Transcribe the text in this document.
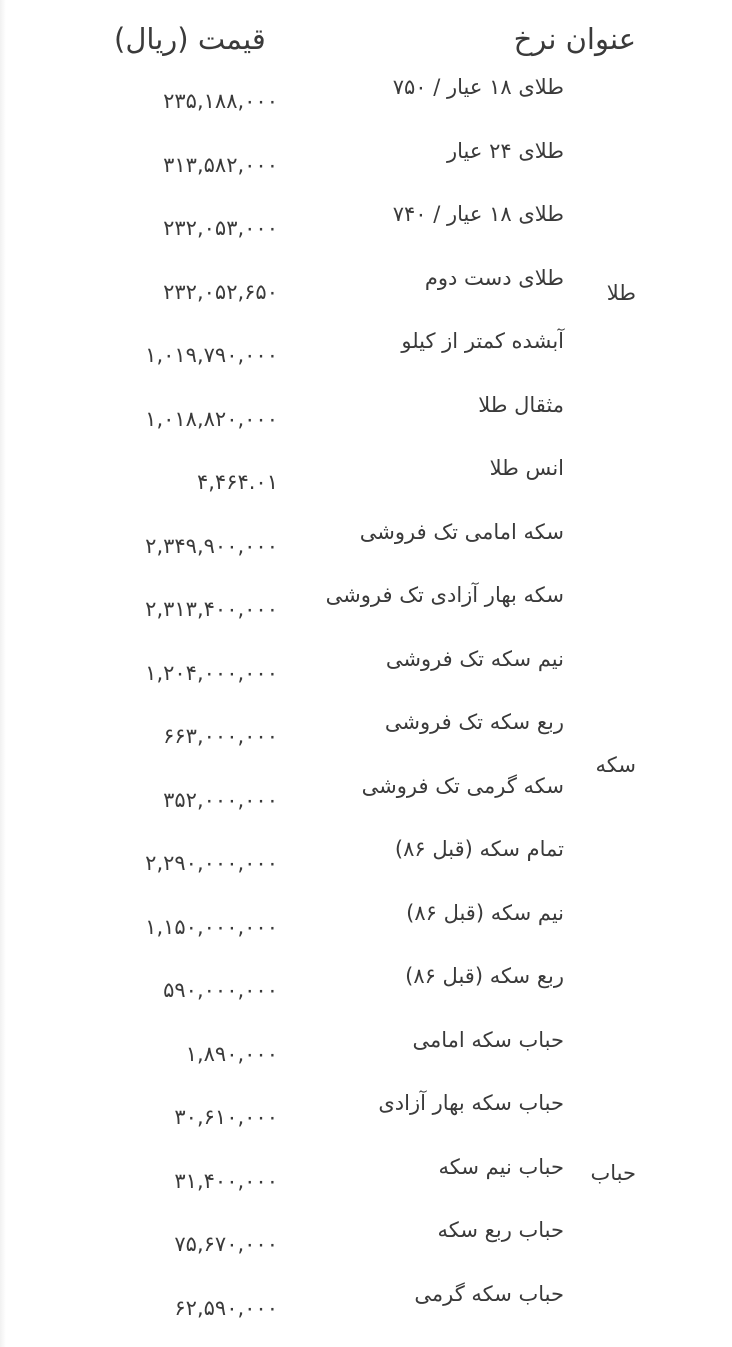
عنوان نرخ
قیمت (ریال)
طلای ۱۸ عیار / ۷۵۰
۲۳۵,۱۸۸,۰۰۰
طلای ۲۴ عیار
۳۱۳,۵۸۲,۰۰۰
طلای ۱۸ عیار / ۷۴۰
۲۳۲,۰۵۳,۰۰۰
طلای دست دوم
۲۳۲,۰۵۲,۶۵۰
آبشده کمتر از کیلو
۱,۰۱۹,۷۹۰,۰۰۰
مثقال طلا
۱,۰۱۸,۸۲۰,۰۰۰
انس طلا
۴,۴۶۴.۰۱
سکه امامی تک فروشی
۲,۳۴۹,۹۰۰,۰۰۰
سکه بهار آزادی تک فروشی
۲,۳۱۳,۴۰۰,۰۰۰
نیم سکه تک فروشی
۱,۲۰۴,۰۰۰,۰۰۰
ربع سکه تک فروشی
۶۶۳,۰۰۰,۰۰۰
سکه گرمی تک فروشی
۳۵۲,۰۰۰,۰۰۰
تمام سکه (قبل ۸۶)
۲,۲۹۰,۰۰۰,۰۰۰
نیم سکه (قبل ۸۶)
۱,۱۵۰,۰۰۰,۰۰۰
ربع سکه (قبل ۸۶)
۵۹۰,۰۰۰,۰۰۰
حباب سکه امامی
۱,۸۹۰,۰۰۰
حباب سکه بهار آزادی
۳۰,۶۱۰,۰۰۰
حباب نیم سکه
۳۱,۴۰۰,۰۰۰
حباب ربع سکه
۷۵,۶۷۰,۰۰۰
حباب سکه گرمی
۶۲,۵۹۰,۰۰۰
طلا
سکه
حباب
